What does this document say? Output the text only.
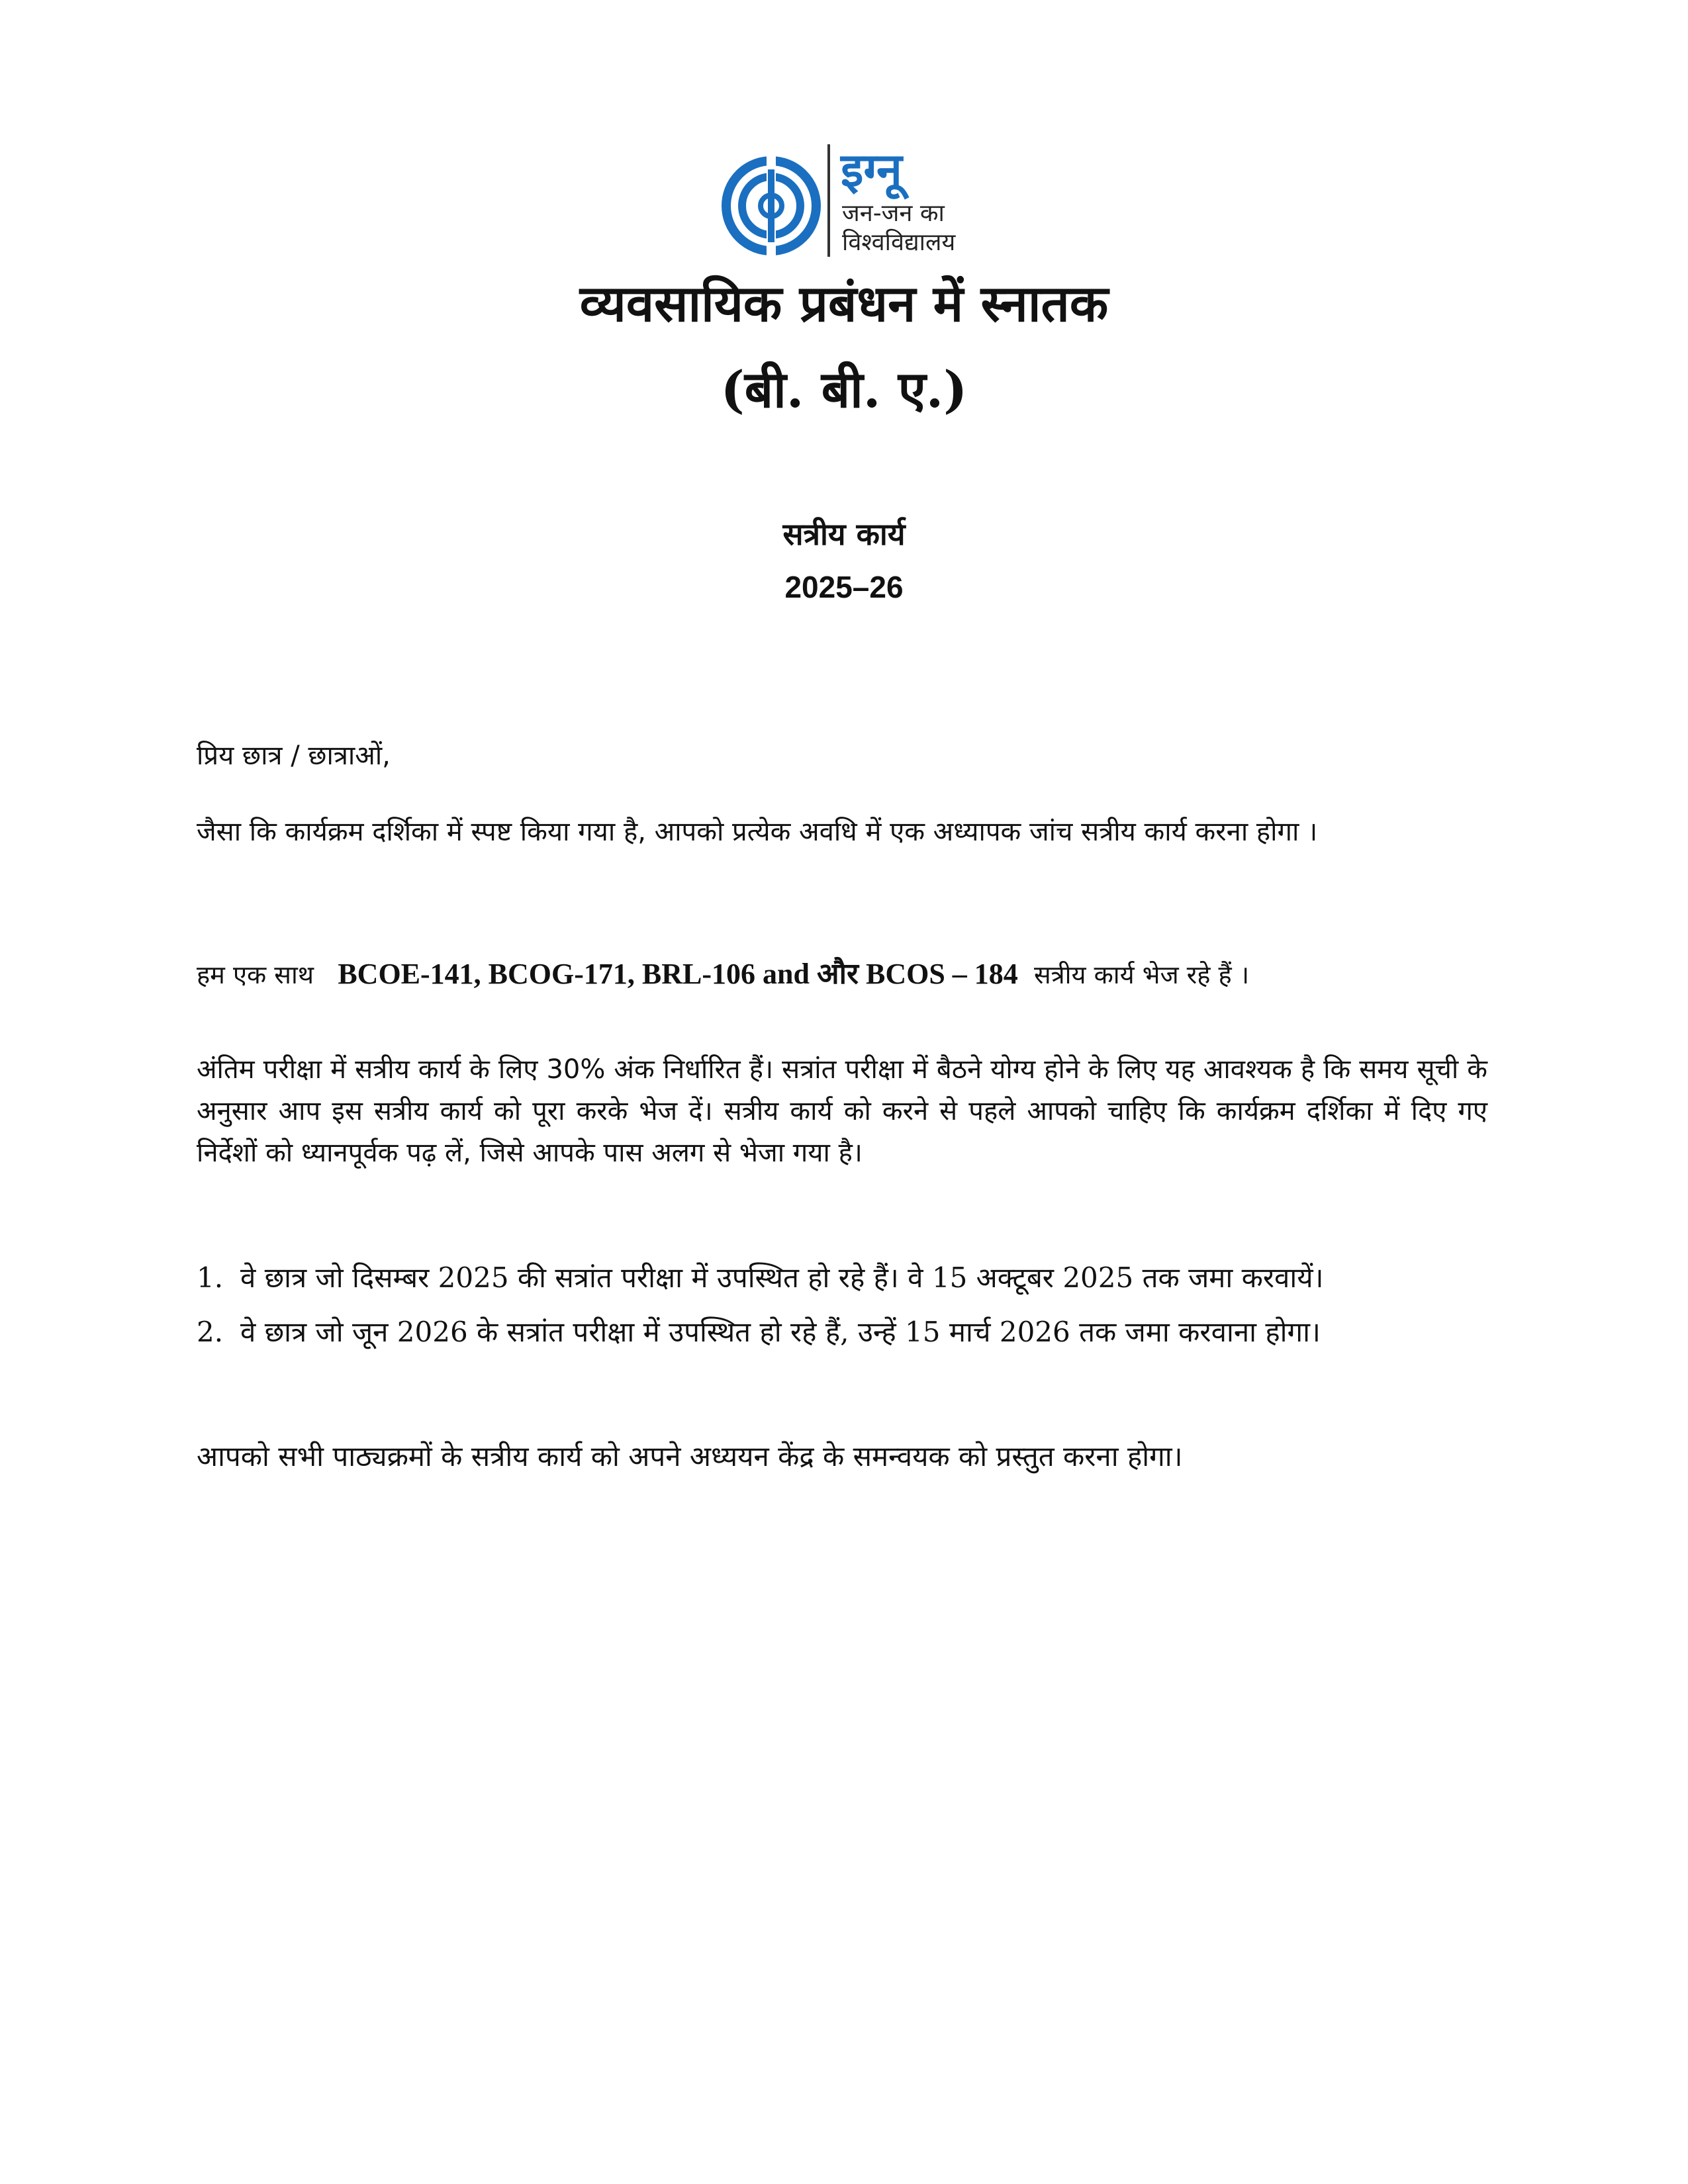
इग्नू
जन-जन का
विश्वविद्यालय
व्यवसायिक प्रबंधन में स्नातक
(बी. बी. ए.)
सत्रीय कार्य
2025–26
प्रिय छात्र / छात्राओं,
जैसा कि कार्यक्रम दर्शिका में स्पष्ट किया गया है, आपको प्रत्येक अवधि में एक अध्यापक जांच सत्रीय कार्य करना होगा ।
हम एक साथ BCOE-141, BCOG-171, BRL-106 and और BCOS – 184 सत्रीय कार्य भेज रहे हैं ।
अंतिम परीक्षा में सत्रीय कार्य के लिए 30% अंक निर्धारित हैं। सत्रांत परीक्षा में बैठने योग्य होने के लिए यह आवश्यक है कि समय सूची के अनुसार आप इस सत्रीय कार्य को पूरा करके भेज दें। सत्रीय कार्य को करने से पहले आपको चाहिए कि कार्यक्रम दर्शिका में दिए गए निर्देशों को ध्यानपूर्वक पढ़ लें, जिसे आपके पास अलग से भेजा गया है।
1. वे छात्र जो दिसम्बर 2025 की सत्रांत परीक्षा में उपस्थित हो रहे हैं। वे 15 अक्टूबर 2025 तक जमा करवायें।
2. वे छात्र जो जून 2026 के सत्रांत परीक्षा में उपस्थित हो रहे हैं, उन्हें 15 मार्च 2026 तक जमा करवाना होगा।
आपको सभी पाठ्यक्रमों के सत्रीय कार्य को अपने अध्ययन केंद्र के समन्वयक को प्रस्तुत करना होगा।
